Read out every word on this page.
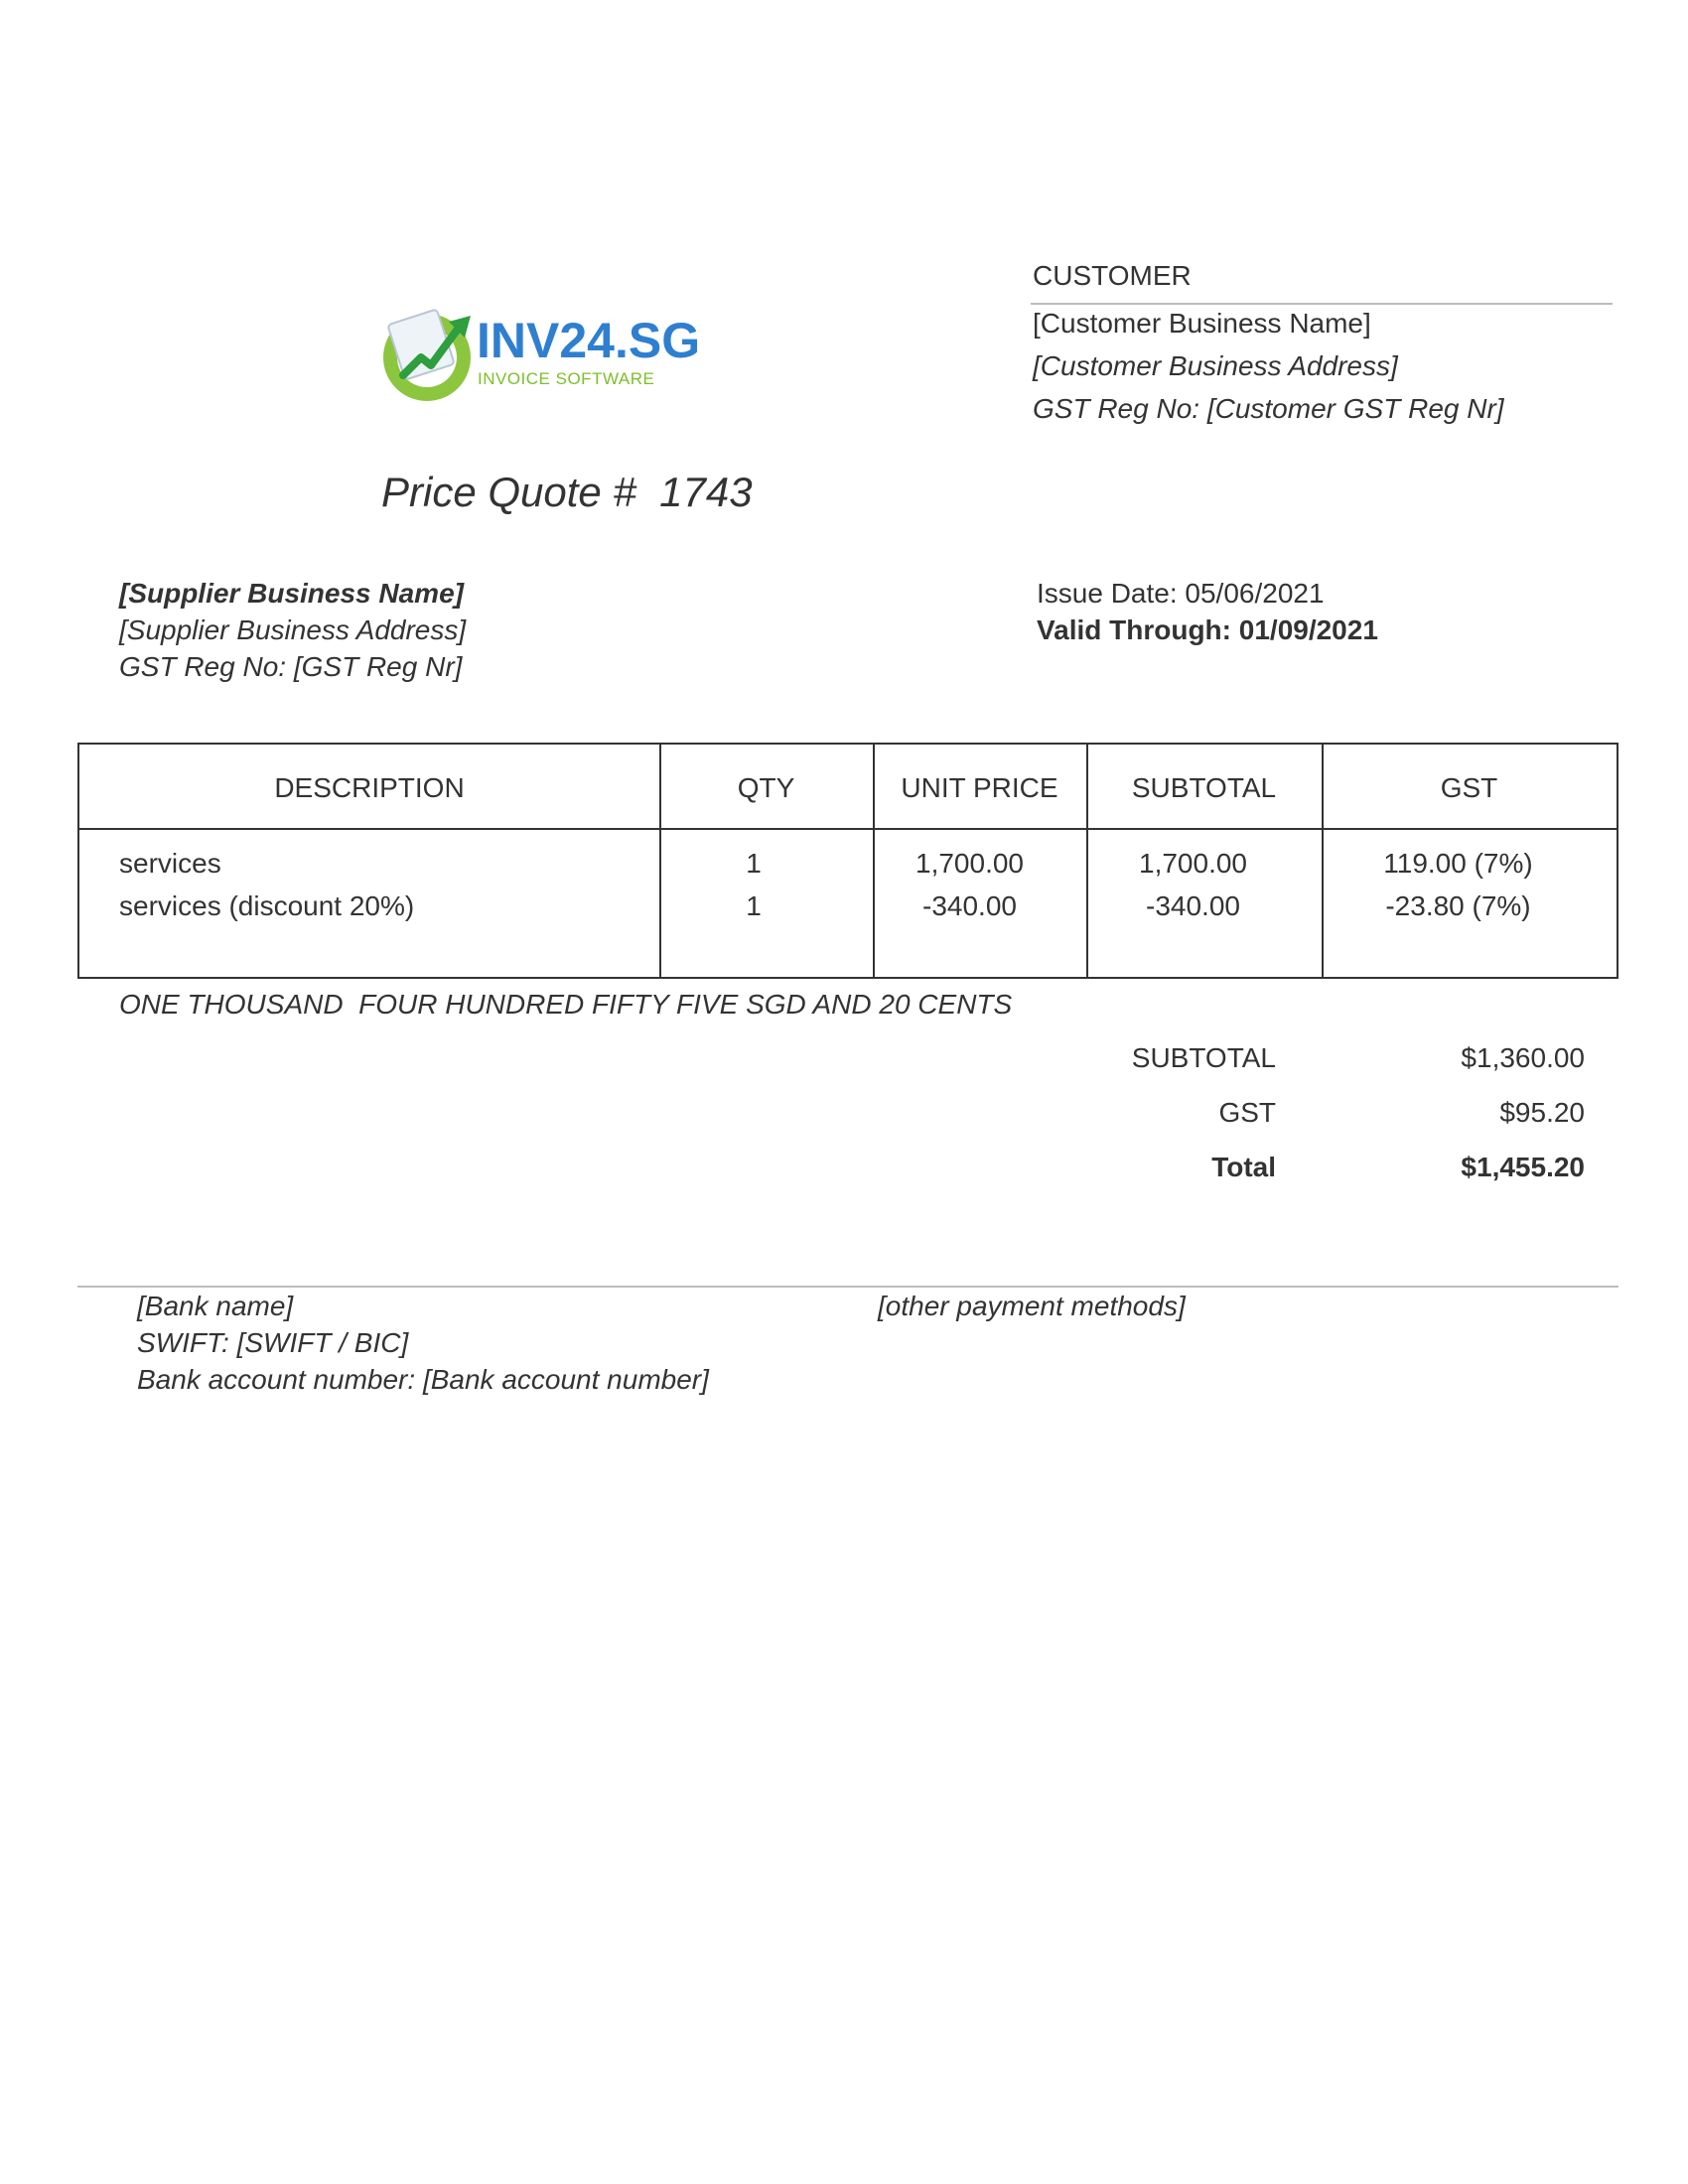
CUSTOMER
[Customer Business Name]
[Customer Business Address]
GST Reg No: [Customer GST Reg Nr]
INV24.SG
INVOICE SOFTWARE
Price Quote # 1743
[Supplier Business Name]
[Supplier Business Address]
GST Reg No: [GST Reg Nr]
Issue Date: 05/06/2021
Valid Through: 01/09/2021
DESCRIPTION	QTY	UNIT PRICE	SUBTOTAL	GST
services	1	1,700.00	1,700.00	119.00 (7%)
services (discount 20%)	1	-340.00	-340.00	-23.80 (7%)
ONE THOUSAND  FOUR HUNDRED FIFTY FIVE SGD AND 20 CENTS
SUBTOTAL	$1,360.00
GST	$95.20
Total	$1,455.20
[Bank name]
SWIFT: [SWIFT / BIC]
Bank account number: [Bank account number]
[other payment methods]
